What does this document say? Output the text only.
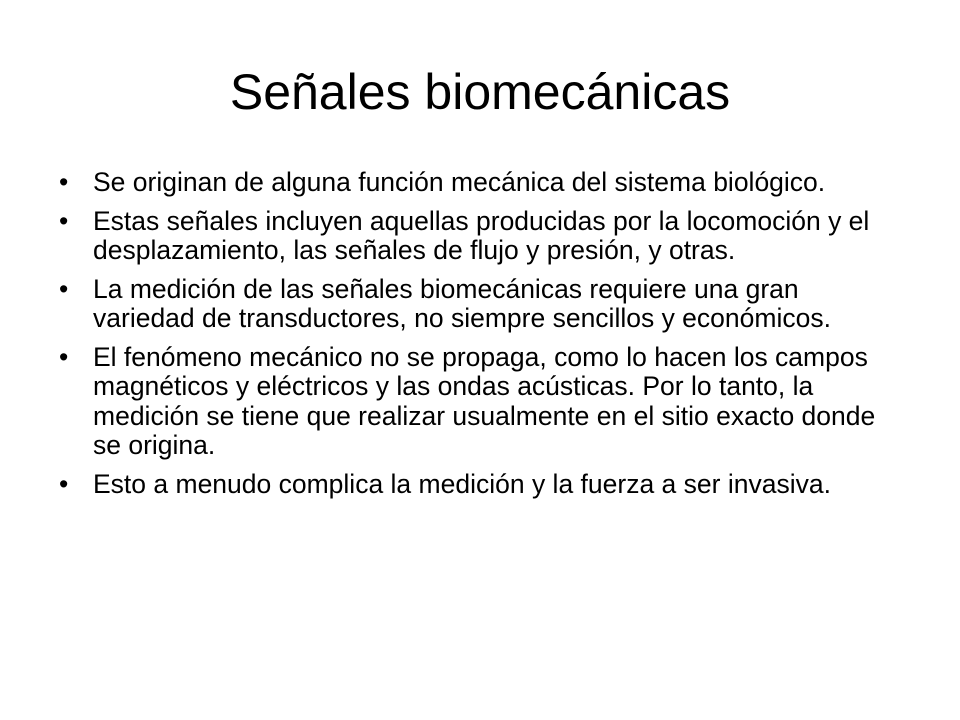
Señales biomecánicas
• Se originan de alguna función mecánica del sistema biológico.
• Estas señales incluyen aquellas producidas por la locomoción y el desplazamiento, las señales de flujo y presión, y otras.
• La medición de las señales biomecánicas requiere una gran variedad de transductores, no siempre sencillos y económicos.
• El fenómeno mecánico no se propaga, como lo hacen los campos magnéticos y eléctricos y las ondas acústicas. Por lo tanto, la medición se tiene que realizar usualmente en el sitio exacto donde se origina.
• Esto a menudo complica la medición y la fuerza a ser invasiva.
